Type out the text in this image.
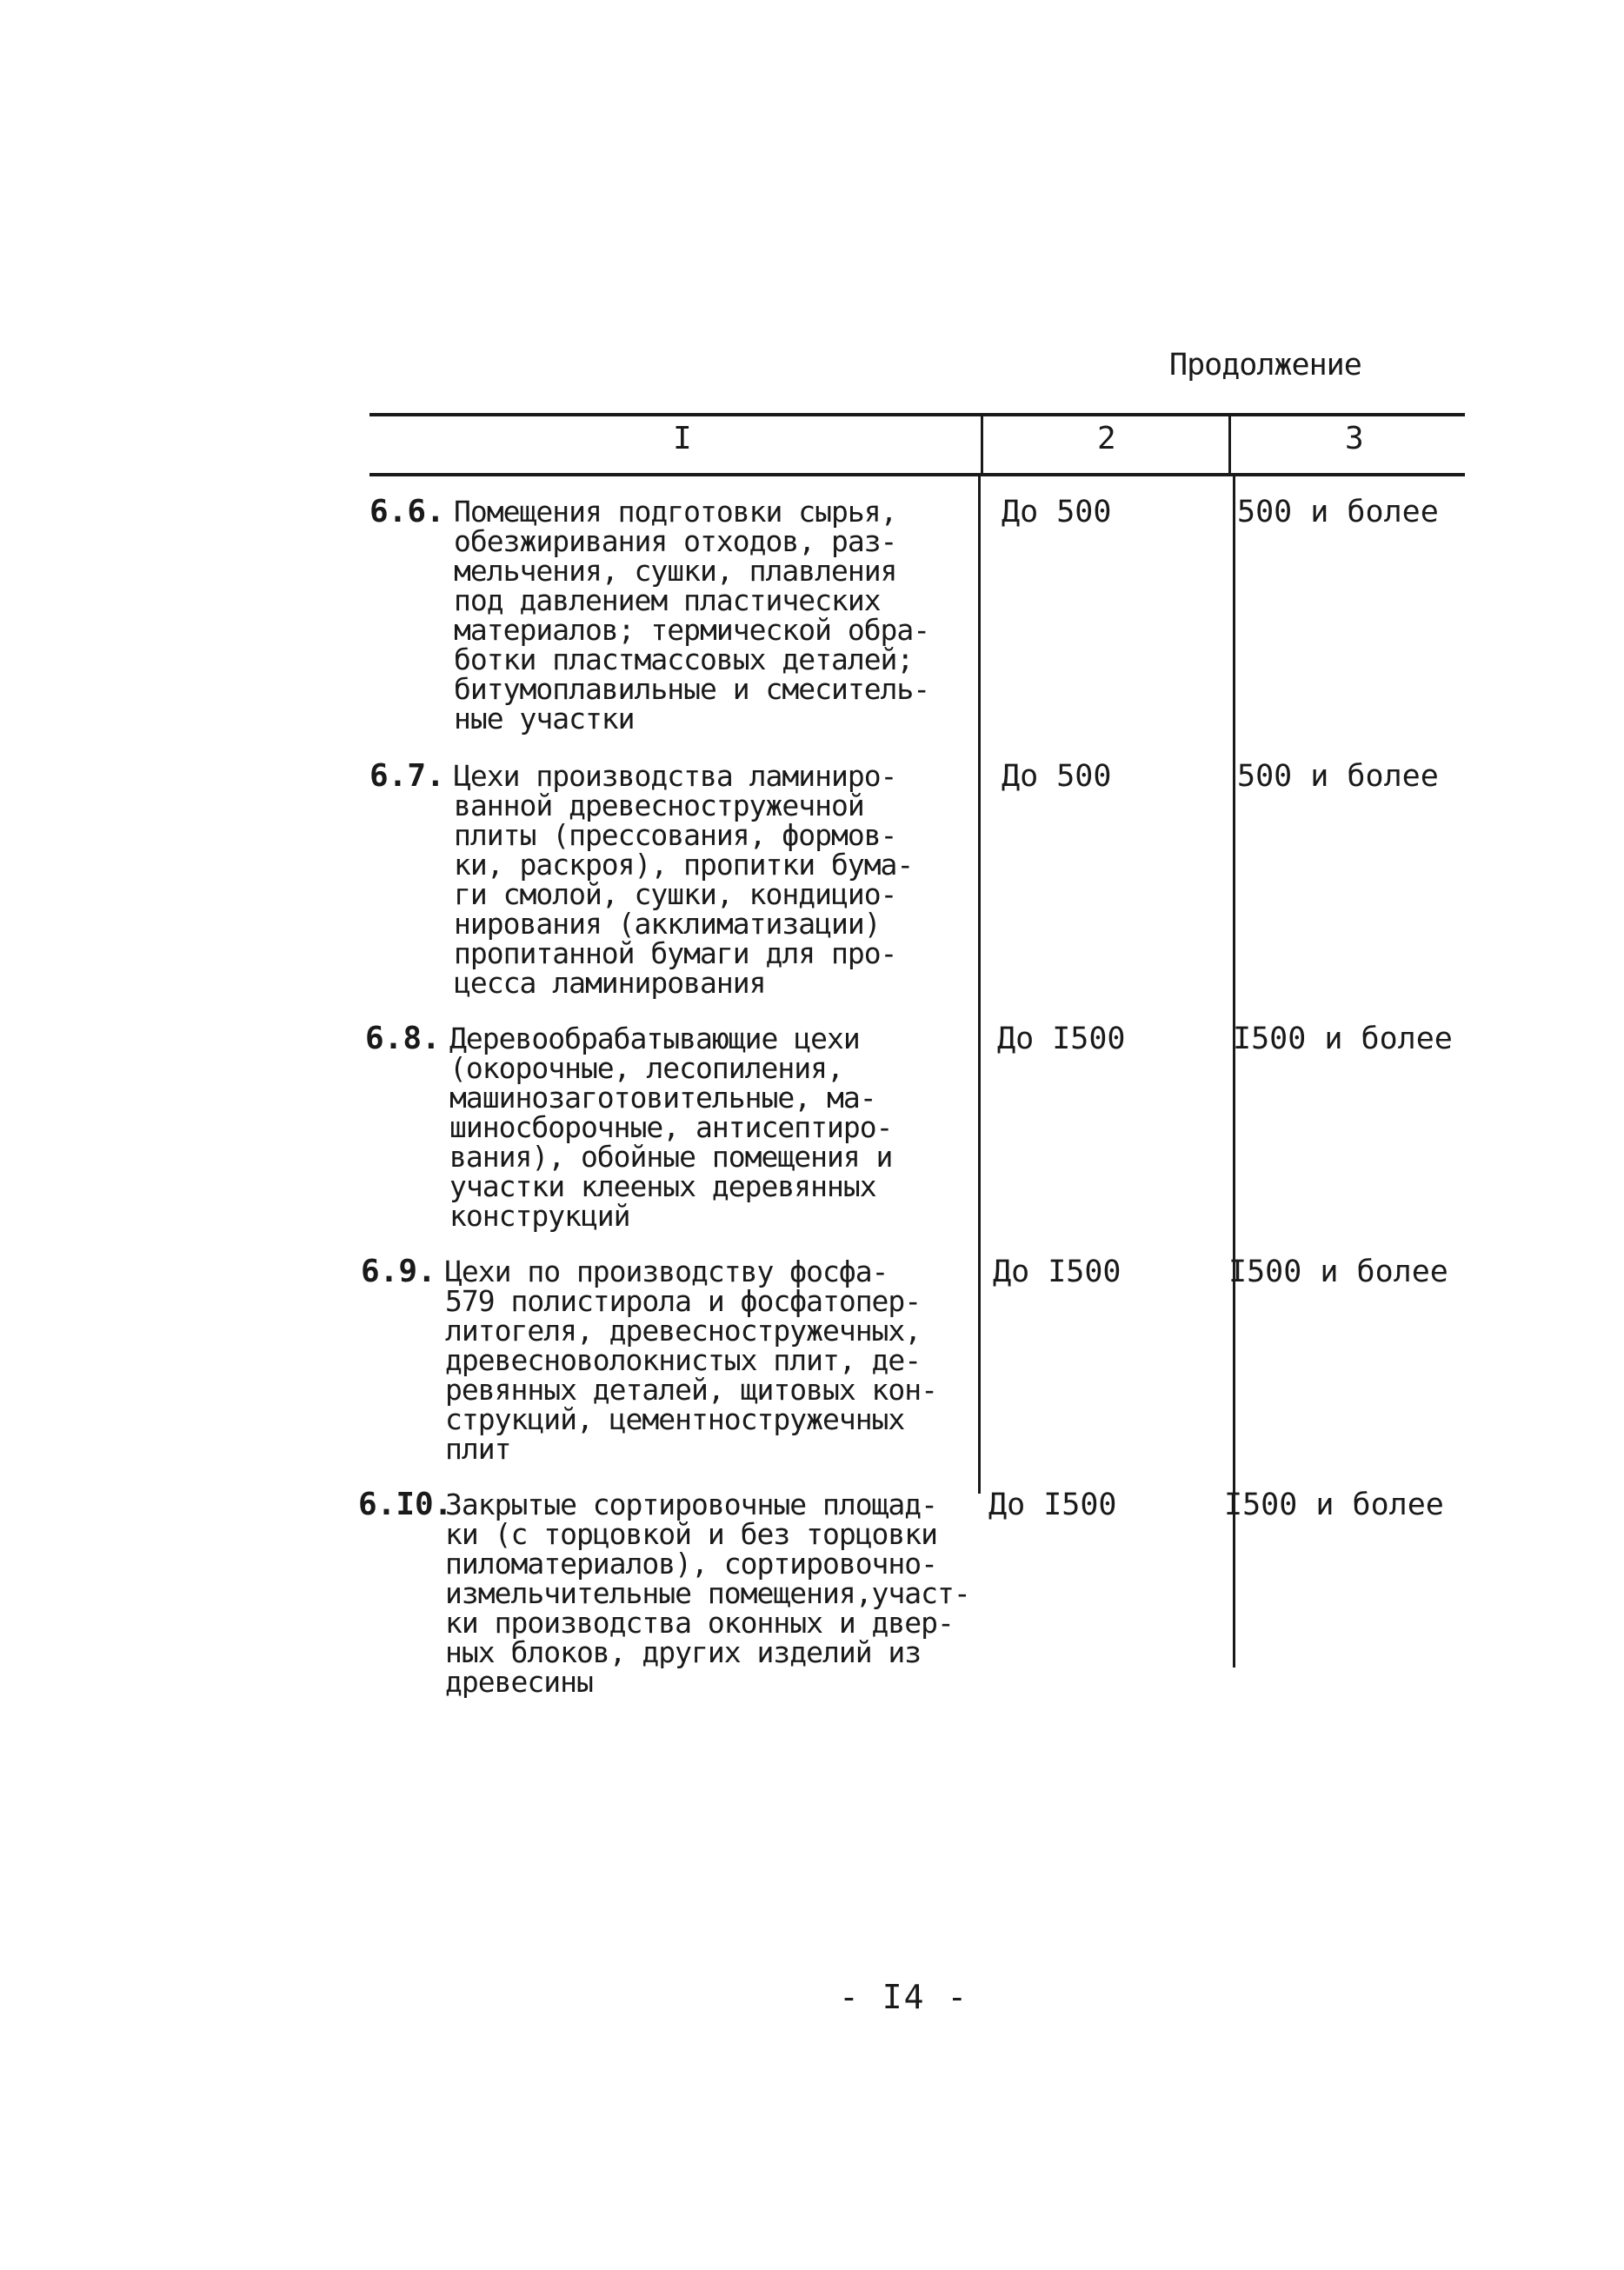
Продолжение
I	2	3
6.6. Помещения подготовки сырья,
обезжиривания отходов, раз-
мельчения, сушки, плавления
под давлением пластических
материалов; термической обра-
ботки пластмассовых деталей;
битумоплавильные и смеситель-
ные участки
До 500	500 и более
6.7. Цехи производства ламиниро-
ванной древесностружечной
плиты (прессования, формов-
ки, раскроя), пропитки бума-
ги смолой, сушки, кондицио-
нирования (акклиматизации)
пропитанной бумаги для про-
цесса ламинирования
До 500	500 и более
6.8. Деревообрабатывающие цехи
(окорочные, лесопиления,
машинозаготовительные, ма-
шиносборочные, антисептиро-
вания), обойные помещения и
участки клееных деревянных
конструкций
До I500	I500 и более
6.9. Цехи по производству фосфа-
579 полистирола и фосфатопер-
литогеля, древесностружечных,
древесноволокнистых плит, де-
ревянных деталей, щитовых кон-
струкций, цементностружечных
плит
До I500	I500 и более
6.I0.
Закрытые сортировочные площад-
ки (с торцовкой и без торцовки
пиломатериалов), сортировочно-
измельчительные помещения,участ-
ки производства оконных и двер-
ных блоков, других изделий из
древесины
До I500	I500 и более
- I4 -
